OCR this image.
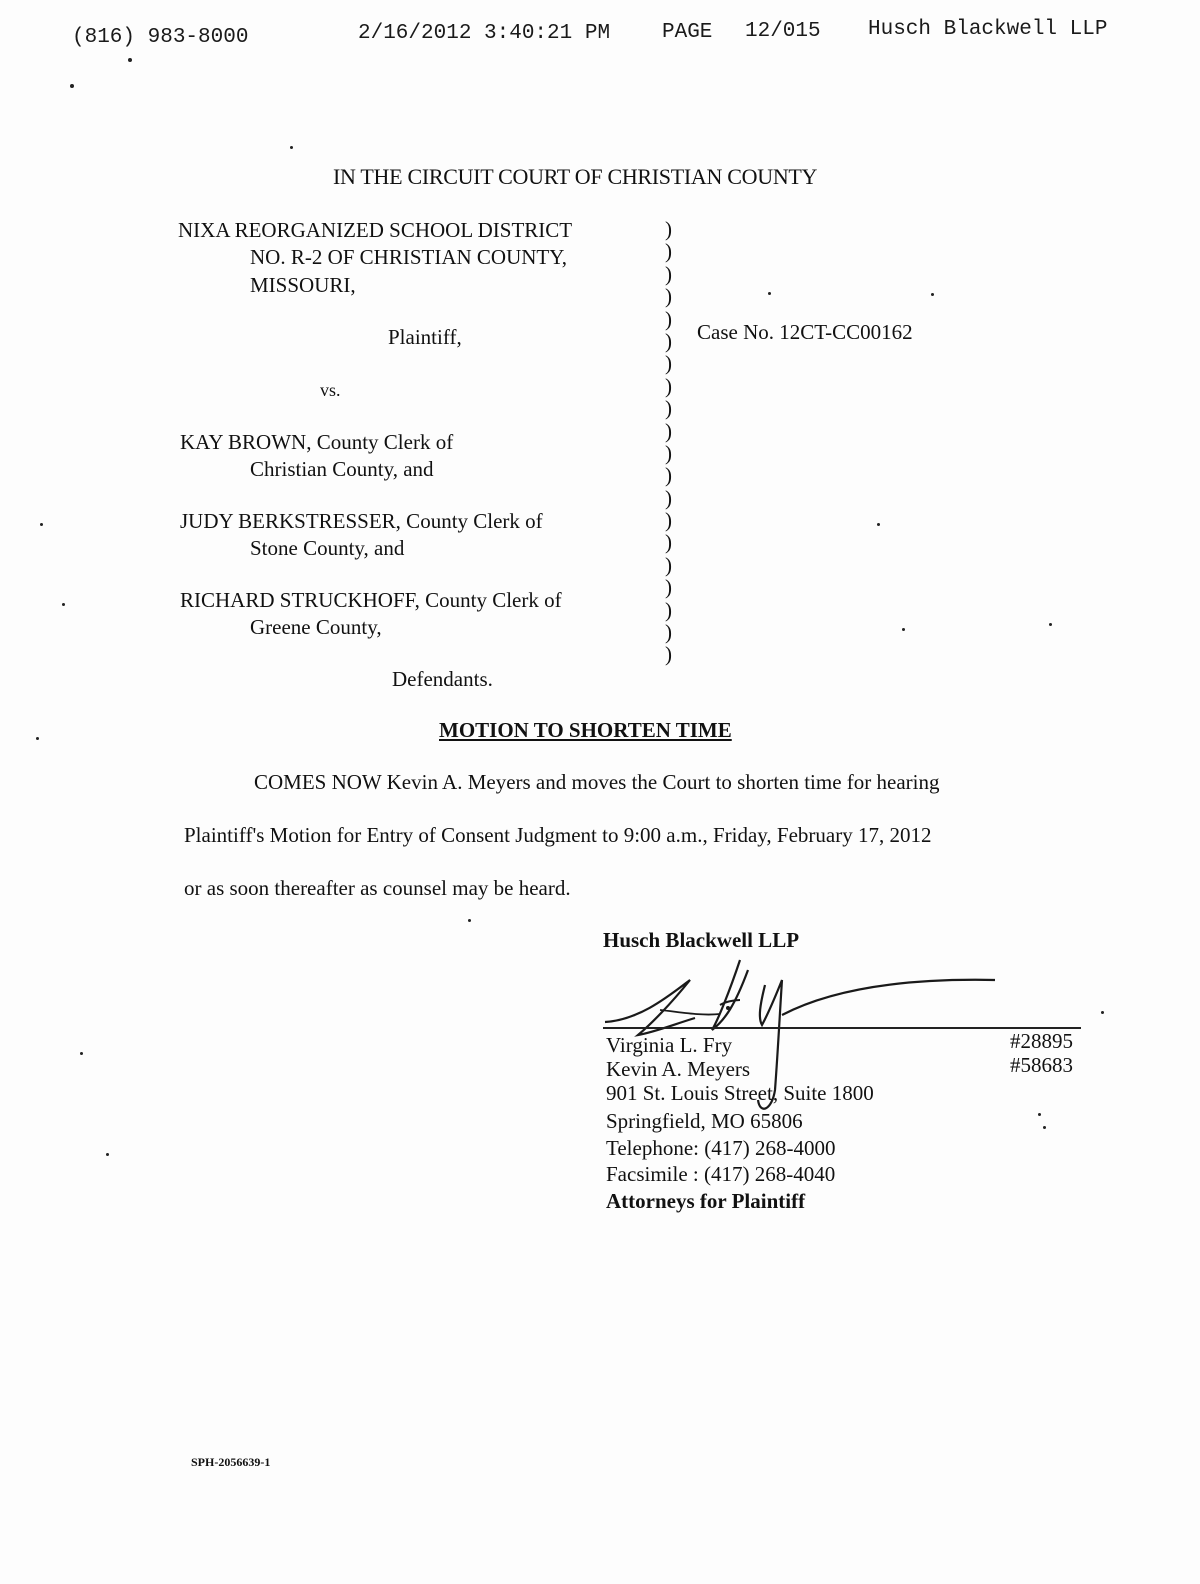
(816) 983-8000	2/16/2012 3:40:21 PM PAGE 12/015 Husch Blackwell LLP
IN THE CIRCUIT COURT OF CHRISTIAN COUNTY
NIXA REORGANIZED SCHOOL DISTRICT
NO. R-2 OF CHRISTIAN COUNTY,
MISSOURI,
Plaintiff,
vs.
KAY BROWN, County Clerk of
Christian County, and
JUDY BERKSTRESSER, County Clerk of
Stone County, and
RICHARD STRUCKHOFF, County Clerk of
Greene County,
Defendants.
)
)
)
)
)
)
)
)
)
)
)
)
)
)
)
)
)
)
)
)
Case No. 12CT-CC00162
MOTION TO SHORTEN TIME
COMES NOW Kevin A. Meyers and moves the Court to shorten time for hearing
Plaintiff's Motion for Entry of Consent Judgment to 9:00 a.m., Friday, February 17, 2012
or as soon thereafter as counsel may be heard.
Husch Blackwell LLP
Virginia L. Fry	#28895
Kevin A. Meyers	#58683
901 St. Louis Street, Suite 1800
Springfield, MO 65806
Telephone: (417) 268-4000
Facsimile : (417) 268-4040
Attorneys for Plaintiff
SPH-2056639-1
